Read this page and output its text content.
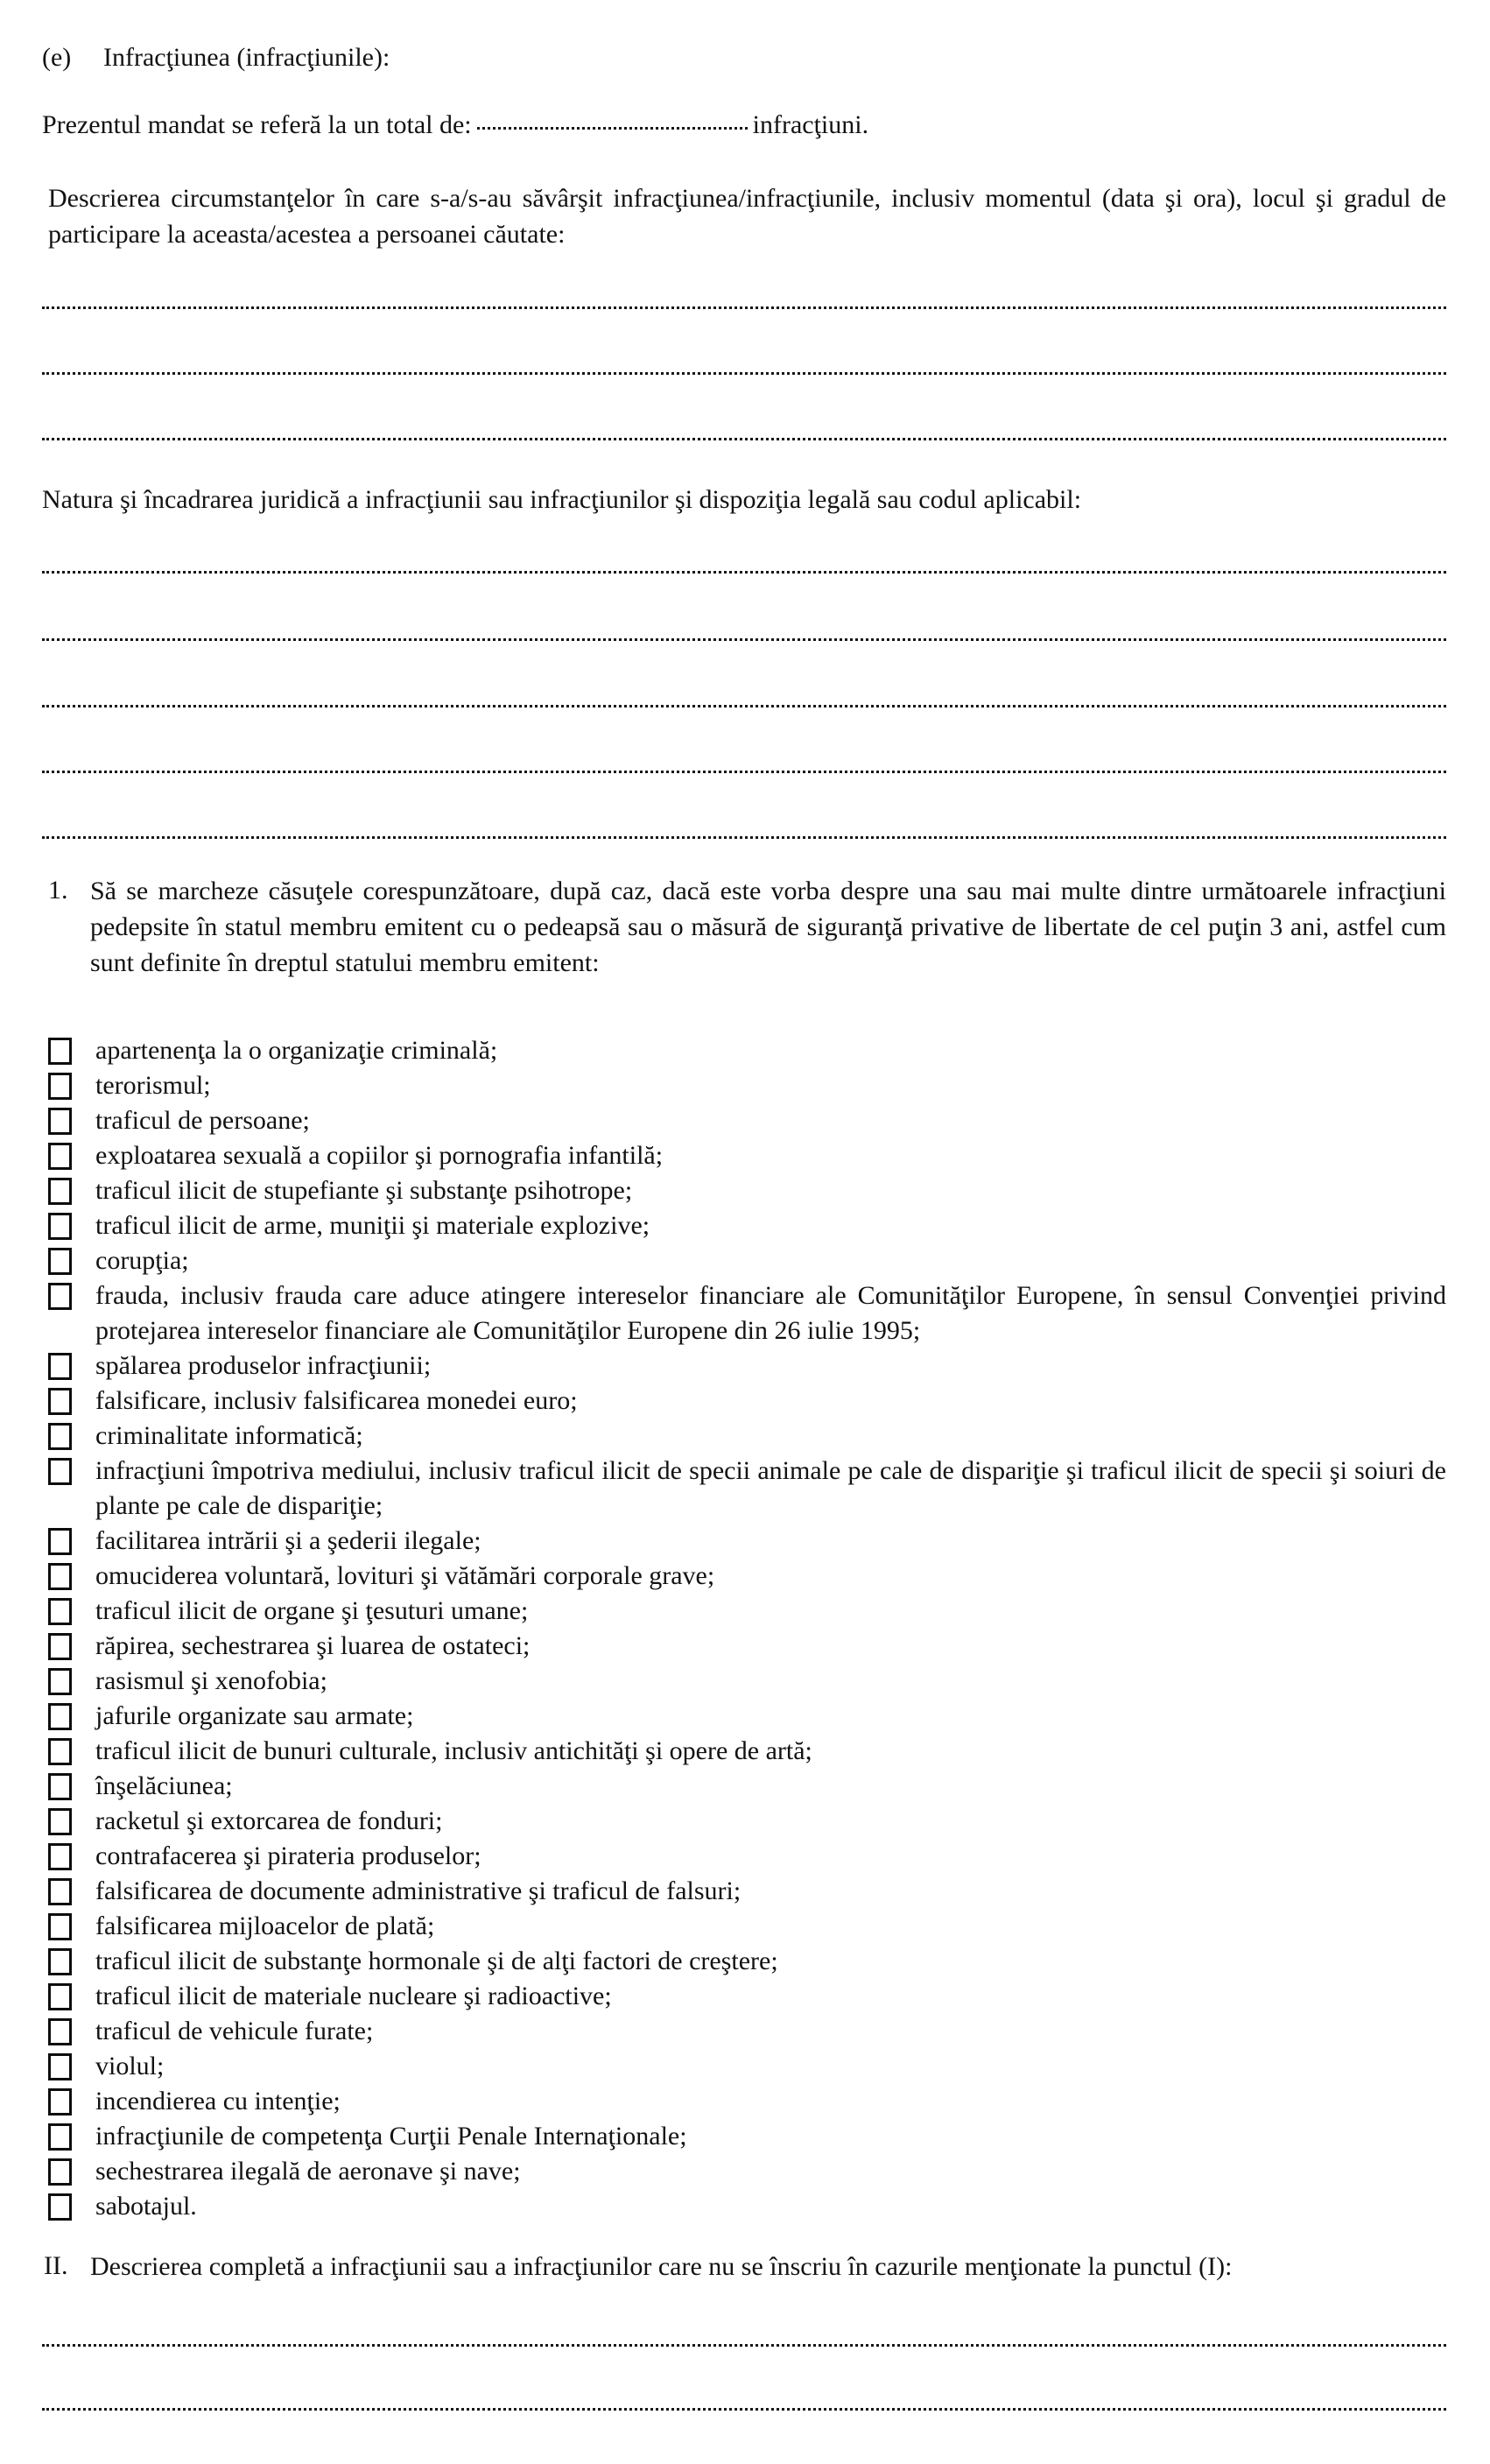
(e)	Infracţiunea (infracţiunile):
Prezentul mandat se referă la un total de:	infracţiuni.
Descrierea circumstanţelor în care s-a/s-au săvârşit infracţiunea/infracţiunile, inclusiv momentul (data şi ora), locul şi gradul de participare la aceasta/acestea a persoanei căutate:
Natura şi încadrarea juridică a infracţiunii sau infracţiunilor şi dispoziţia legală sau codul aplicabil:
1. Să se marcheze căsuţele corespunzătoare, după caz, dacă este vorba despre una sau mai multe dintre următoarele infracţiuni pedepsite în statul membru emitent cu o pedeapsă sau o măsură de siguranţă privative de libertate de cel puţin 3 ani, astfel cum sunt definite în dreptul statului membru emitent:
apartenenţa la o organizaţie criminală;
terorismul;
traficul de persoane;
exploatarea sexuală a copiilor şi pornografia infantilă;
traficul ilicit de stupefiante şi substanţe psihotrope;
traficul ilicit de arme, muniţii şi materiale explozive;
corupţia;
frauda, inclusiv frauda care aduce atingere intereselor financiare ale Comunităţilor Europene, în sensul Convenţiei privind protejarea intereselor financiare ale Comunităţilor Europene din 26 iulie 1995;
spălarea produselor infracţiunii;
falsificare, inclusiv falsificarea monedei euro;
criminalitate informatică;
infracţiuni împotriva mediului, inclusiv traficul ilicit de specii animale pe cale de dispariţie şi traficul ilicit de specii şi soiuri de plante pe cale de dispariţie;
facilitarea intrării şi a şederii ilegale;
omuciderea voluntară, lovituri şi vătămări corporale grave;
traficul ilicit de organe şi ţesuturi umane;
răpirea, sechestrarea şi luarea de ostateci;
rasismul şi xenofobia;
jafurile organizate sau armate;
traficul ilicit de bunuri culturale, inclusiv antichităţi şi opere de artă;
înşelăciunea;
racketul şi extorcarea de fonduri;
contrafacerea şi pirateria produselor;
falsificarea de documente administrative şi traficul de falsuri;
falsificarea mijloacelor de plată;
traficul ilicit de substanţe hormonale şi de alţi factori de creştere;
traficul ilicit de materiale nucleare şi radioactive;
traficul de vehicule furate;
violul;
incendierea cu intenţie;
infracţiunile de competenţa Curţii Penale Internaţionale;
sechestrarea ilegală de aeronave şi nave;
sabotajul.
II. Descrierea completă a infracţiunii sau a infracţiunilor care nu se înscriu în cazurile menţionate la punctul (I):
